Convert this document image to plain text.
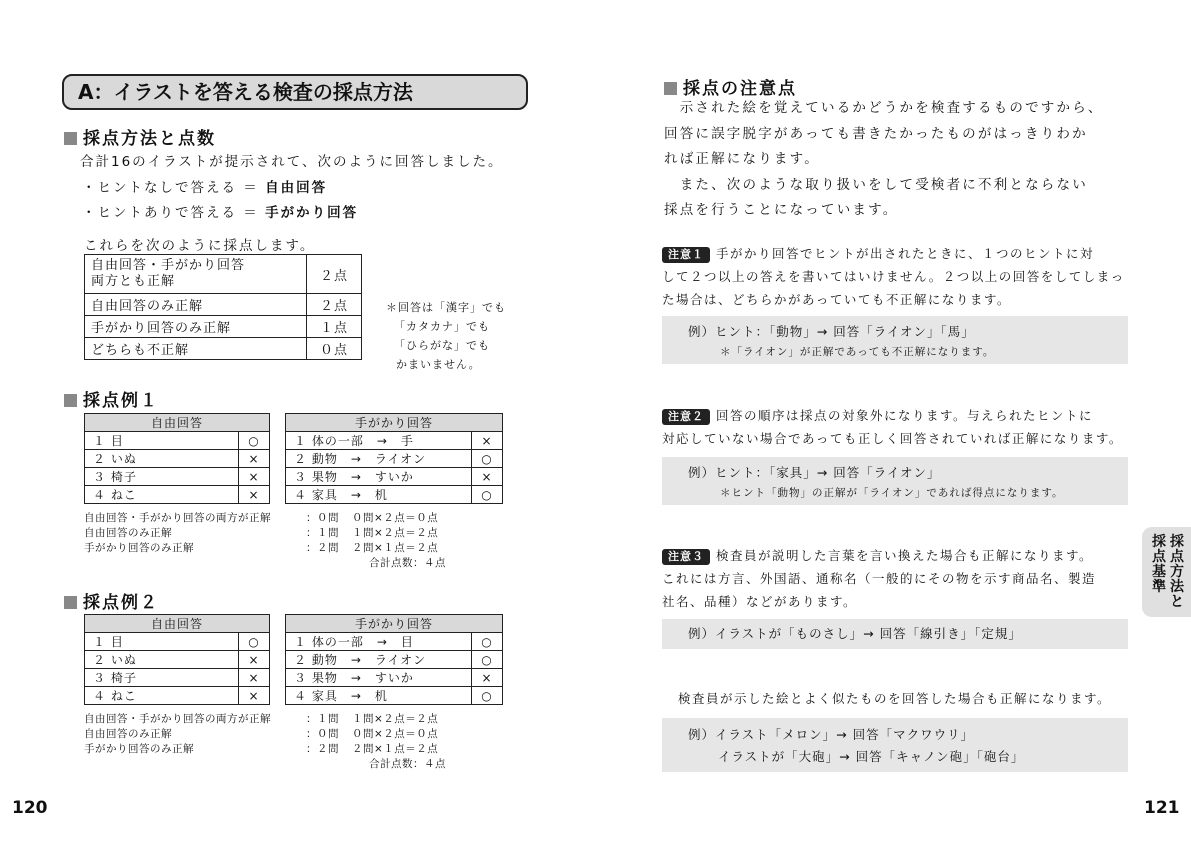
A：イラストを答える検査の採点方法
採点方法と点数
合計16のイラストが提示されて、次のように回答しました。
・ヒントなしで答える ＝ 自由回答
・ヒントありで答える ＝ 手がかり回答
これらを次のように採点します。
自由回答・手がかり回答
両方とも正解	２点
自由回答のみ正解	２点
手がかり回答のみ正解	１点
どちらも不正解	０点
＊回答は「漢字」でも
「カタカナ」でも
「ひらがな」でも
かまいません。
採点例１
自由回答	
１ 目	○
２ いぬ	×
３ 椅子	×
４ ねこ	×
手がかり回答	
１ 体の一部　→　手	×
２ 動物　→　ライオン	○
３ 果物　→　すいか	×
４ 家具　→　机	○
自由回答・手がかり回答の両方が正解	：０問 ０問×２点＝０点
自由回答のみ正解	：１問 １問×２点＝２点
手がかり回答のみ正解	：２問 ２問×１点＝２点
合計点数：４点
採点例２
自由回答	
１ 目	○
２ いぬ	×
３ 椅子	×
４ ねこ	×
手がかり回答	
１ 体の一部　→　目	○
２ 動物　→　ライオン	○
３ 果物　→　すいか	×
４ 家具　→　机	○
自由回答・手がかり回答の両方が正解	：１問 １問×２点＝２点
自由回答のみ正解	：０問 ０問×２点＝０点
手がかり回答のみ正解	：２問 ２問×１点＝２点
合計点数：４点
120
採点の注意点
　示された絵を覚えているかどうかを検査するものですから、
回答に誤字脱字があっても書きたかったものがはっきりわか
れば正解になります。
　また、次のような取り扱いをして受検者に不利とならない
採点を行うことになっています。
注意１ 手がかり回答でヒントが出されたときに、１つのヒントに対
して２つ以上の答えを書いてはいけません。２つ以上の回答をしてしまっ
た場合は、どちらかがあっていても不正解になります。
例）ヒント：「動物」→ 回答「ライオン」「馬」
＊「ライオン」が正解であっても不正解になります。
注意２ 回答の順序は採点の対象外になります。与えられたヒントに
対応していない場合であっても正しく回答されていれば正解になります。
例）ヒント：「家具」→ 回答「ライオン」
＊ヒント「動物」の正解が「ライオン」であれば得点になります。
注意３ 検査員が説明した言葉を言い換えた場合も正解になります。
これには方言、外国語、通称名（一般的にその物を示す商品名、製造
社名、品種）などがあります。
例）イラストが「ものさし」→ 回答「線引き」「定規」
検査員が示した絵とよく似たものを回答した場合も正解になります。
例）イラスト「メロン」→ 回答「マクワウリ」
イラストが「大砲」→ 回答「キャノン砲」「砲台」
採点方法と
採点基準
121
